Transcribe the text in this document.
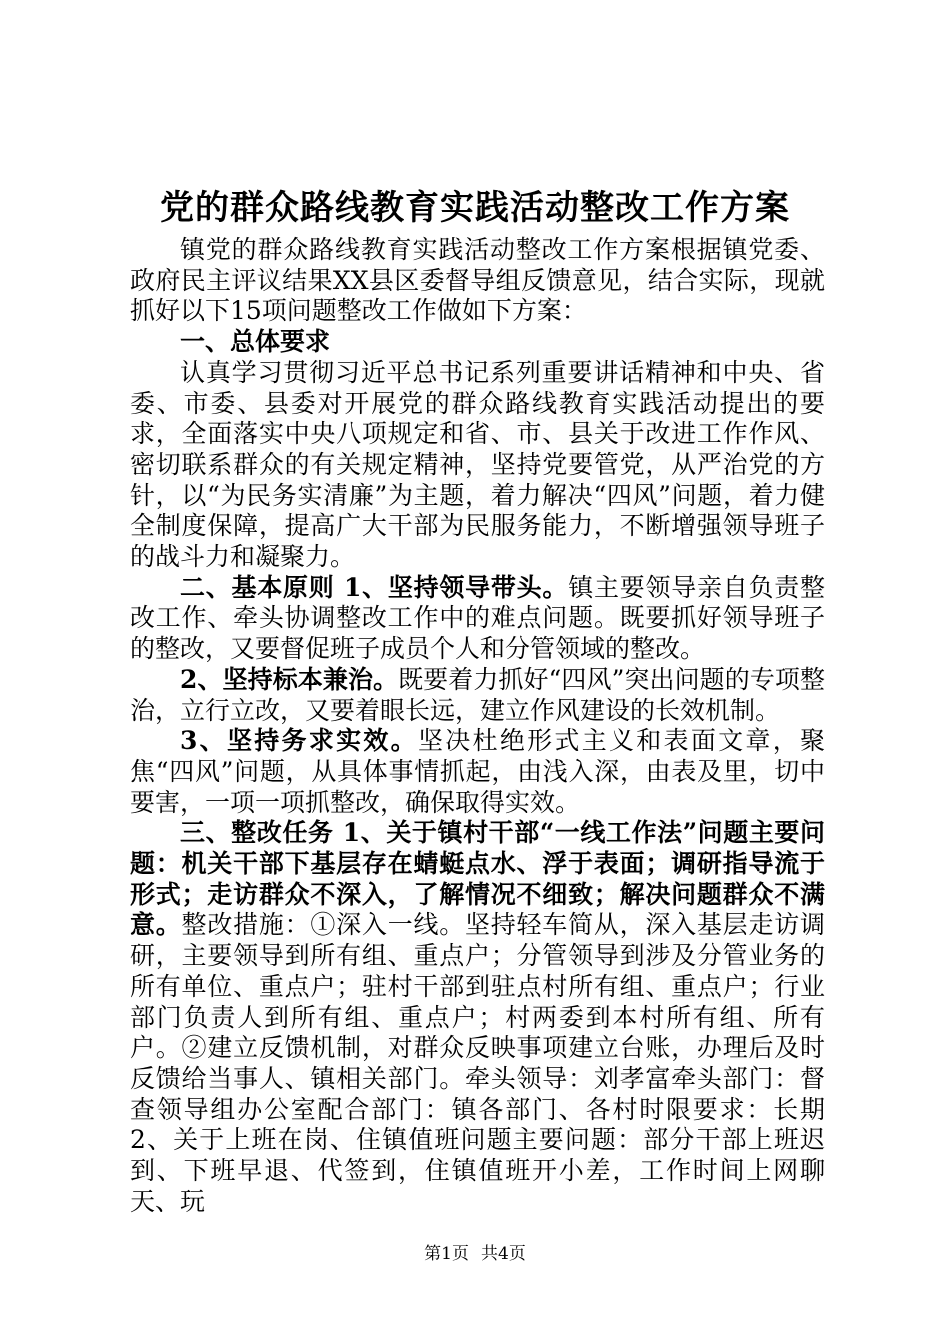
党的群众路线教育实践活动整改工作方案

镇党的群众路线教育实践活动整改工作方案根据镇党委、政府民主评议结果XX县区委督导组反馈意见，结合实际，现就抓好以下15项问题整改工作做如下方案：

一、总体要求

认真学习贯彻习近平总书记系列重要讲话精神和中央、省委、市委、县委对开展党的群众路线教育实践活动提出的要求，全面落实中央八项规定和省、市、县关于改进工作作风、密切联系群众的有关规定精神，坚持党要管党，从严治党的方针，以“为民务实清廉”为主题，着力解决“四风”问题，着力健全制度保障，提高广大干部为民服务能力，不断增强领导班子的战斗力和凝聚力。

二、基本原则 1、坚持领导带头。镇主要领导亲自负责整改工作、牵头协调整改工作中的难点问题。既要抓好领导班子的整改，又要督促班子成员个人和分管领域的整改。

2、坚持标本兼治。既要着力抓好“四风”突出问题的专项整治，立行立改，又要着眼长远，建立作风建设的长效机制。

3、坚持务求实效。坚决杜绝形式主义和表面文章，聚焦“四风”问题，从具体事情抓起，由浅入深，由表及里，切中要害，一项一项抓整改，确保取得实效。

三、整改任务 1、关于镇村干部“一线工作法”问题主要问题：机关干部下基层存在蜻蜓点水、浮于表面；调研指导流于形式；走访群众不深入，了解情况不细致；解决问题群众不满意。整改措施：①深入一线。坚持轻车简从，深入基层走访调研，主要领导到所有组、重点户；分管领导到涉及分管业务的所有单位、重点户；驻村干部到驻点村所有组、重点户；行业部门负责人到所有组、重点户；村两委到本村所有组、所有户。②建立反馈机制，对群众反映事项建立台账，办理后及时反馈给当事人、镇相关部门。牵头领导：刘孝富牵头部门：督查领导组办公室配合部门：镇各部门、各村时限要求：长期 2、关于上班在岗、住镇值班问题主要问题：部分干部上班迟到、下班早退、代签到，住镇值班开小差，工作时间上网聊天、玩

第1页 共4页
